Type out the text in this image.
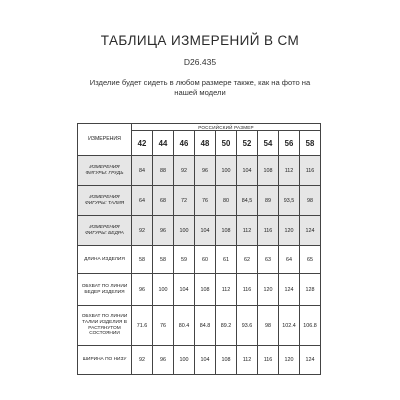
ТАБЛИЦА ИЗМЕРЕНИЙ В СМ
D26.435
Изделие будет сидеть в любом размере также, как на фото на
нашей модели
ИЗМЕРЕНИЯ	РОССИЙСКИЙ РАЗМЕР								
	42	44	46	48	50	52	54	56	58
ИЗМЕРЕНИЯ ФИГУРЫ: ГРУДЬ	84	88	92	96	100	104	108	112	116
ИЗМЕРЕНИЯ ФИГУРЫ: ТАЛИЯ	64	68	72	76	80	84,5	89	93,5	98
ИЗМЕРЕНИЯ ФИГУРЫ: БЕДРА	92	96	100	104	108	112	116	120	124
ДЛИНА ИЗДЕЛИЯ	58	58	59	60	61	62	63	64	65
ОБХВАТ ПО ЛИНИИ БЕДЕР ИЗДЕЛИЯ	96	100	104	108	112	116	120	124	128
ОБХВАТ ПО ЛИНИИ ТАЛИИ ИЗДЕЛИЯ В РАСТЯНУТОМ СОСТОЯНИИ	71.6	76	80.4	84.8	89.2	93.6	98	102.4	106.8
ШИРИНА ПО НИЗУ	92	96	100	104	108	112	116	120	124
